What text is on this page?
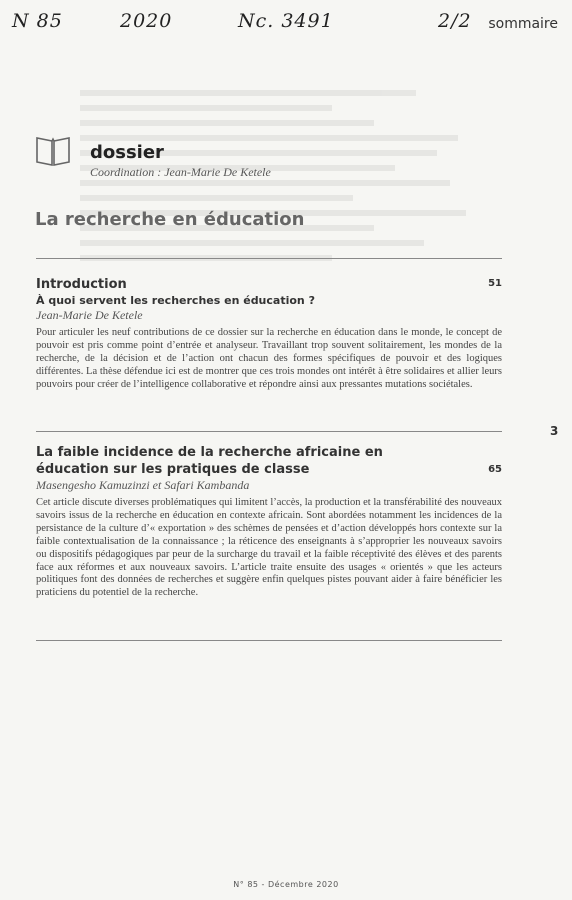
N 85	2020	Nc. 3491	2/2 sommaire
dossier
Coordination : Jean-Marie De Ketele
La recherche en éducation
Introduction	51
À quoi servent les recherches en éducation ?
Jean-Marie De Ketele
Pour articuler les neuf contributions de ce dossier sur la recherche en éducation dans le monde, le concept de pouvoir est pris comme point d’entrée et analyseur. Travaillant trop souvent solitairement, les mondes de la recherche, de la décision et de l’action ont chacun des formes spécifiques de pouvoir et des logiques différentes. La thèse défendue ici est de montrer que ces trois mondes ont intérêt à être solidaires et allier leurs pouvoirs pour créer de l’intelligence collaborative et répondre ainsi aux pressantes mutations sociétales.
La faible incidence de la recherche africaine en éducation sur les pratiques de classe	65
Masengesho Kamuzinzi et Safari Kambanda
Cet article discute diverses problématiques qui limitent l’accès, la production et la transférabilité des nouveaux savoirs issus de la recherche en éducation en contexte africain. Sont abordées notamment les incidences de la persistance de la culture d’« exportation » des schèmes de pensées et d’action développés hors contexte sur la faible contextualisation de la connaissance ; la réticence des enseignants à s’approprier les nouveaux savoirs ou dispositifs pédagogiques par peur de la surcharge du travail et la faible réceptivité des élèves et des parents face aux réformes et aux nouveaux savoirs. L’article traite ensuite des usages « orientés » que les acteurs politiques font des données de recherches et suggère enfin quelques pistes pouvant aider à faire bénéficier les praticiens du potentiel de la recherche.
3
N° 85 - Décembre 2020
